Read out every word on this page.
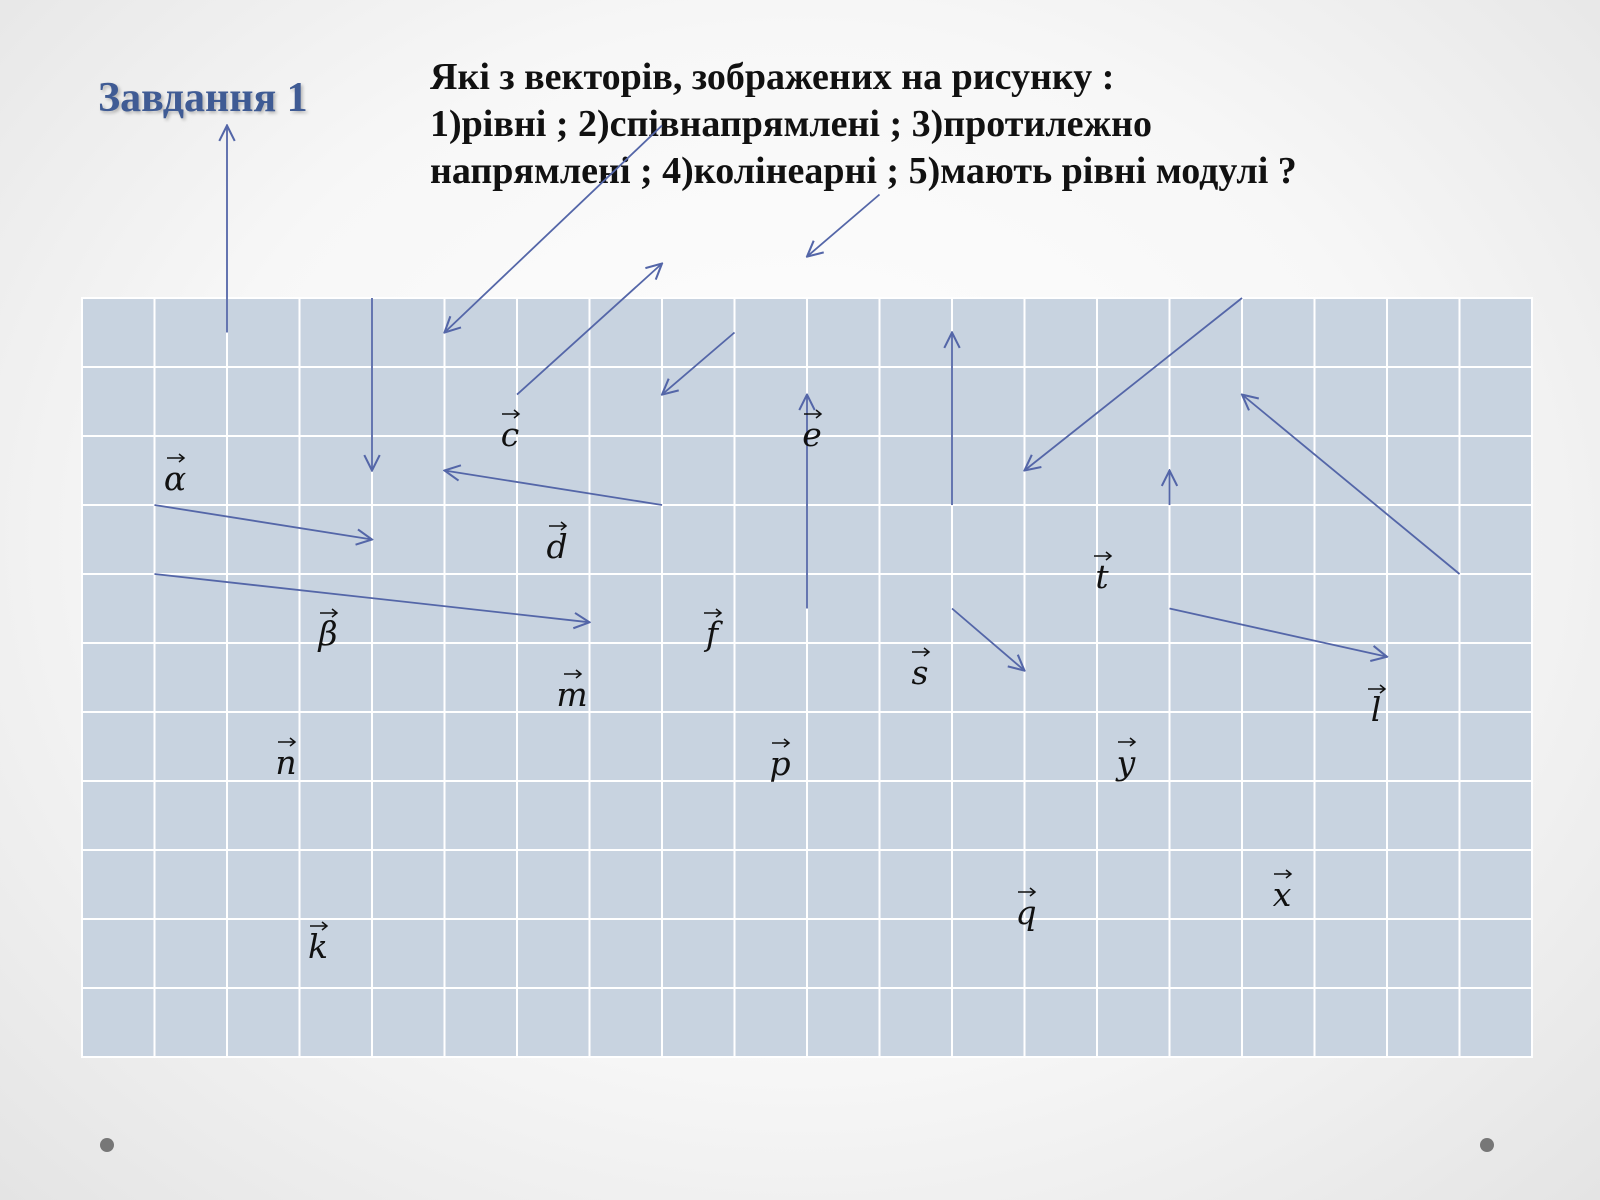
Завдання 1	Які з векторів, зображених на рисунку :
1)рівні ; 2)співнапрямлені ; 3)протилежно
напрямлені ; 4)колінеарні ; 5)мають рівні модулі ?
α
c	e
d
β	f
t
s
p
m	l
y
n
k
q	x
